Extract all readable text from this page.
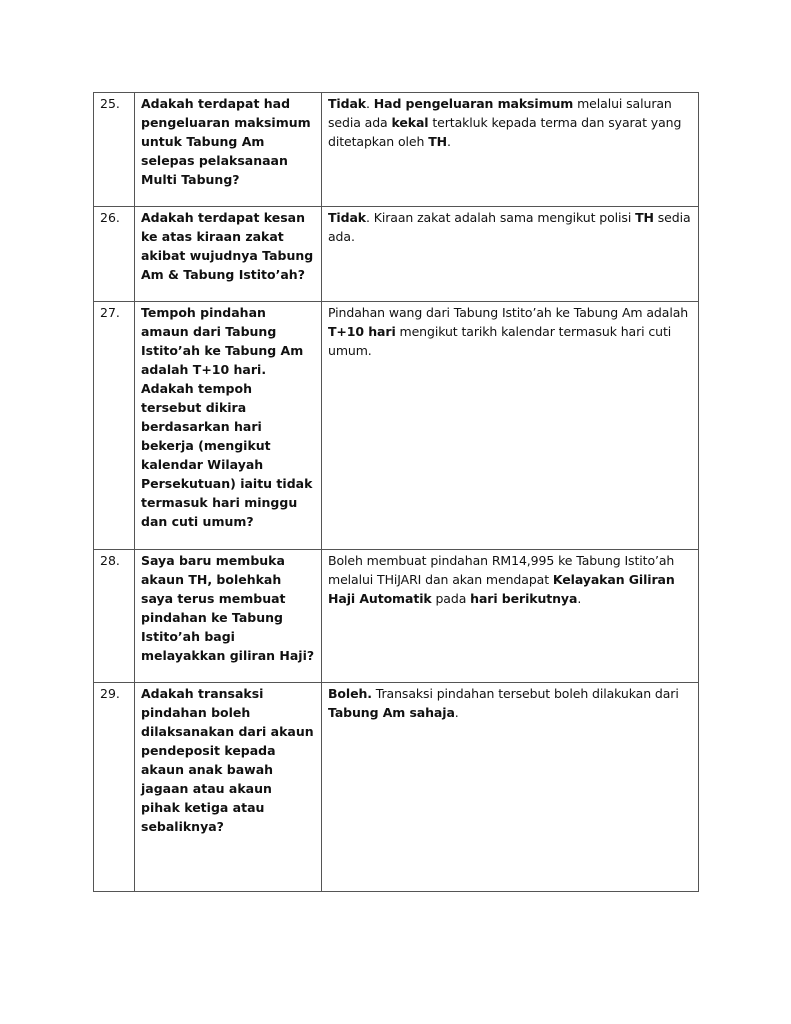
25.	Adakah terdapat had pengeluaran maksimum untuk Tabung Am selepas pelaksanaan Multi Tabung?	Tidak. Had pengeluaran maksimum melalui saluran sedia ada kekal tertakluk kepada terma dan syarat yang ditetapkan oleh TH.
26.	Adakah terdapat kesan ke atas kiraan zakat akibat wujudnya Tabung Am & Tabung Istito’ah?	Tidak. Kiraan zakat adalah sama mengikut polisi TH sedia ada.
27.	Tempoh pindahan amaun dari Tabung Istito’ah ke Tabung Am adalah T+10 hari. Adakah tempoh tersebut dikira berdasarkan hari bekerja (mengikut kalendar Wilayah Persekutuan) iaitu tidak termasuk hari minggu dan cuti umum?	Pindahan wang dari Tabung Istito’ah ke Tabung Am adalah T+10 hari mengikut tarikh kalendar termasuk hari cuti umum.
28.	Saya baru membuka akaun TH, bolehkah saya terus membuat pindahan ke Tabung Istito’ah bagi melayakkan giliran Haji?	Boleh membuat pindahan RM14,995 ke Tabung Istito’ah melalui THiJARI dan akan mendapat Kelayakan Giliran Haji Automatik pada hari berikutnya.
29.	Adakah transaksi pindahan boleh dilaksanakan dari akaun pendeposit kepada akaun anak bawah jagaan atau akaun pihak ketiga atau sebaliknya?	Boleh. Transaksi pindahan tersebut boleh dilakukan dari Tabung Am sahaja.
